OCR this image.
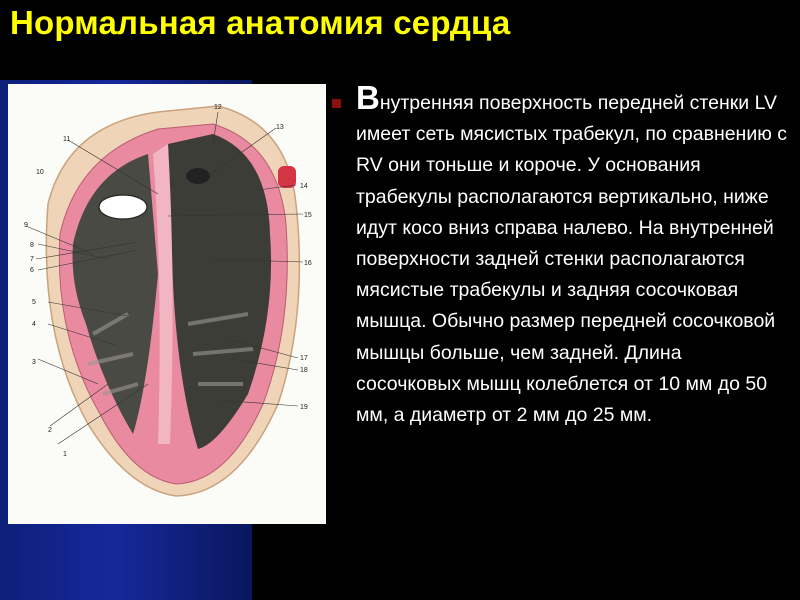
Нормальная анатомия сердца
1
2
3
4
5
6
7
8
9
10
11
12
13
14
15
16
17
18
19

Внутренняя поверхность передней стенки LV имеет сеть мясистых трабекул, по сравнению с RV они тоньше и короче. У основания трабекулы располагаются вертикально, ниже идут косо вниз справа налево. На внутренней поверхности задней стенки располагаются мясистые трабекулы и задняя сосочковая мышца. Обычно размер передней сосочковой мышцы больше, чем задней. Длина сосочковых мышц колеблется от 10 мм до 50 мм, а диаметр от 2 мм до 25 мм.
